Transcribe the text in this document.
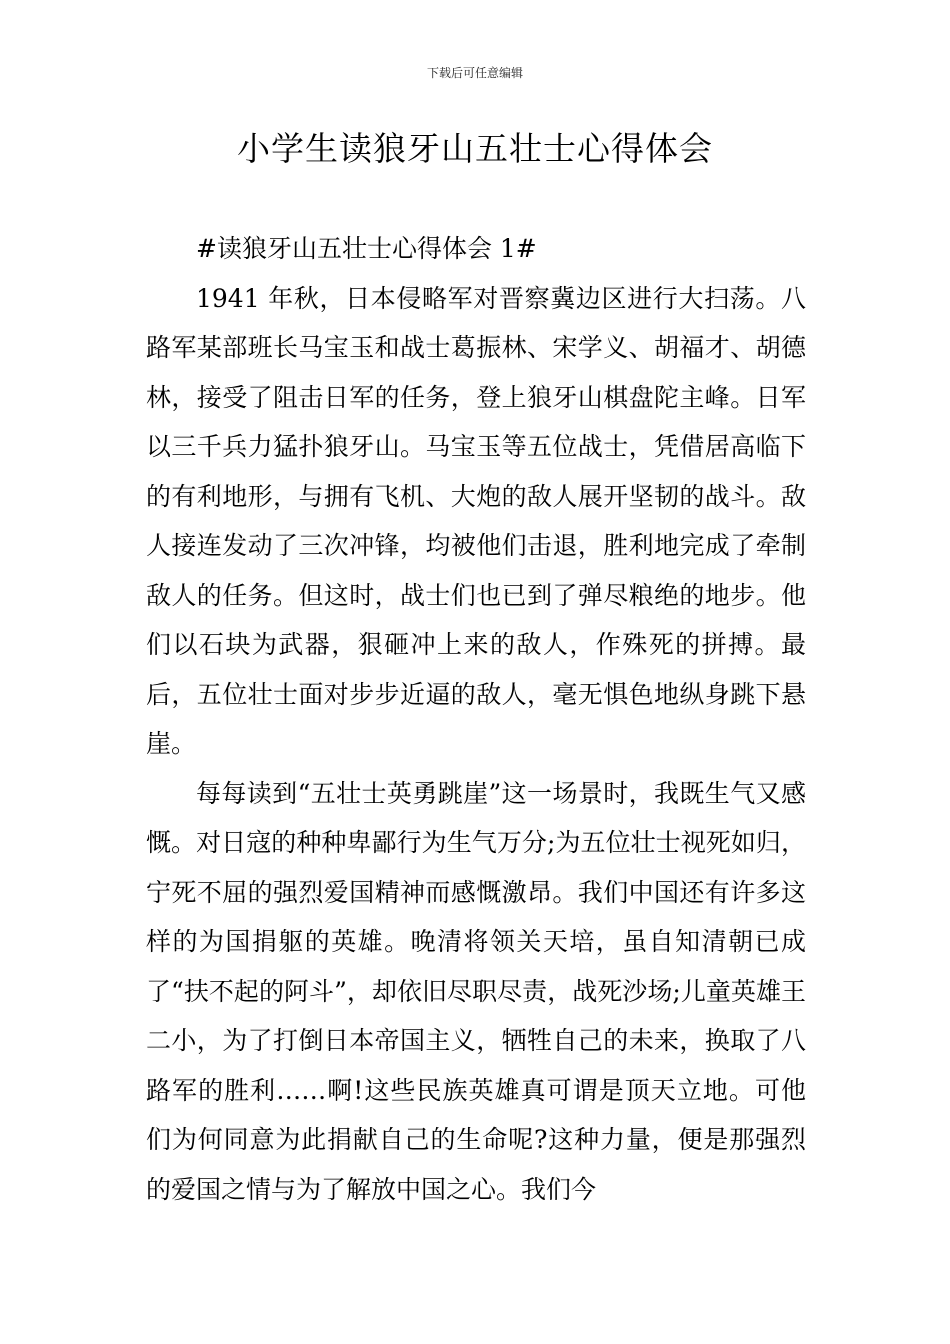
下载后可任意编辑
小学生读狼牙山五壮士心得体会

#读狼牙山五壮士心得体会 1#

1941 年秋，日本侵略军对晋察冀边区进行大扫荡。八路军某部班长马宝玉和战士葛振林、宋学义、胡福才、胡德林，接受了阻击日军的任务，登上狼牙山棋盘陀主峰。日军以三千兵力猛扑狼牙山。马宝玉等五位战士，凭借居高临下的有利地形，与拥有飞机、大炮的敌人展开坚韧的战斗。敌人接连发动了三次冲锋，均被他们击退，胜利地完成了牵制敌人的任务。但这时，战士们也已到了弹尽粮绝的地步。他们以石块为武器，狠砸冲上来的敌人，作殊死的拼搏。最后，五位壮士面对步步近逼的敌人，毫无惧色地纵身跳下悬崖。

每每读到“五壮士英勇跳崖”这一场景时，我既生气又感慨。对日寇的种种卑鄙行为生气万分;为五位壮士视死如归，宁死不屈的强烈爱国精神而感慨激昂。我们中国还有许多这样的为国捐躯的英雄。晚清将领关天培，虽自知清朝已成了“扶不起的阿斗”，却依旧尽职尽责，战死沙场;儿童英雄王二小，为了打倒日本帝国主义，牺牲自己的未来，换取了八路军的胜利……啊!这些民族英雄真可谓是顶天立地。可他们为何同意为此捐献自己的生命呢?这种力量，便是那强烈的爱国之情与为了解放中国之心。我们今
